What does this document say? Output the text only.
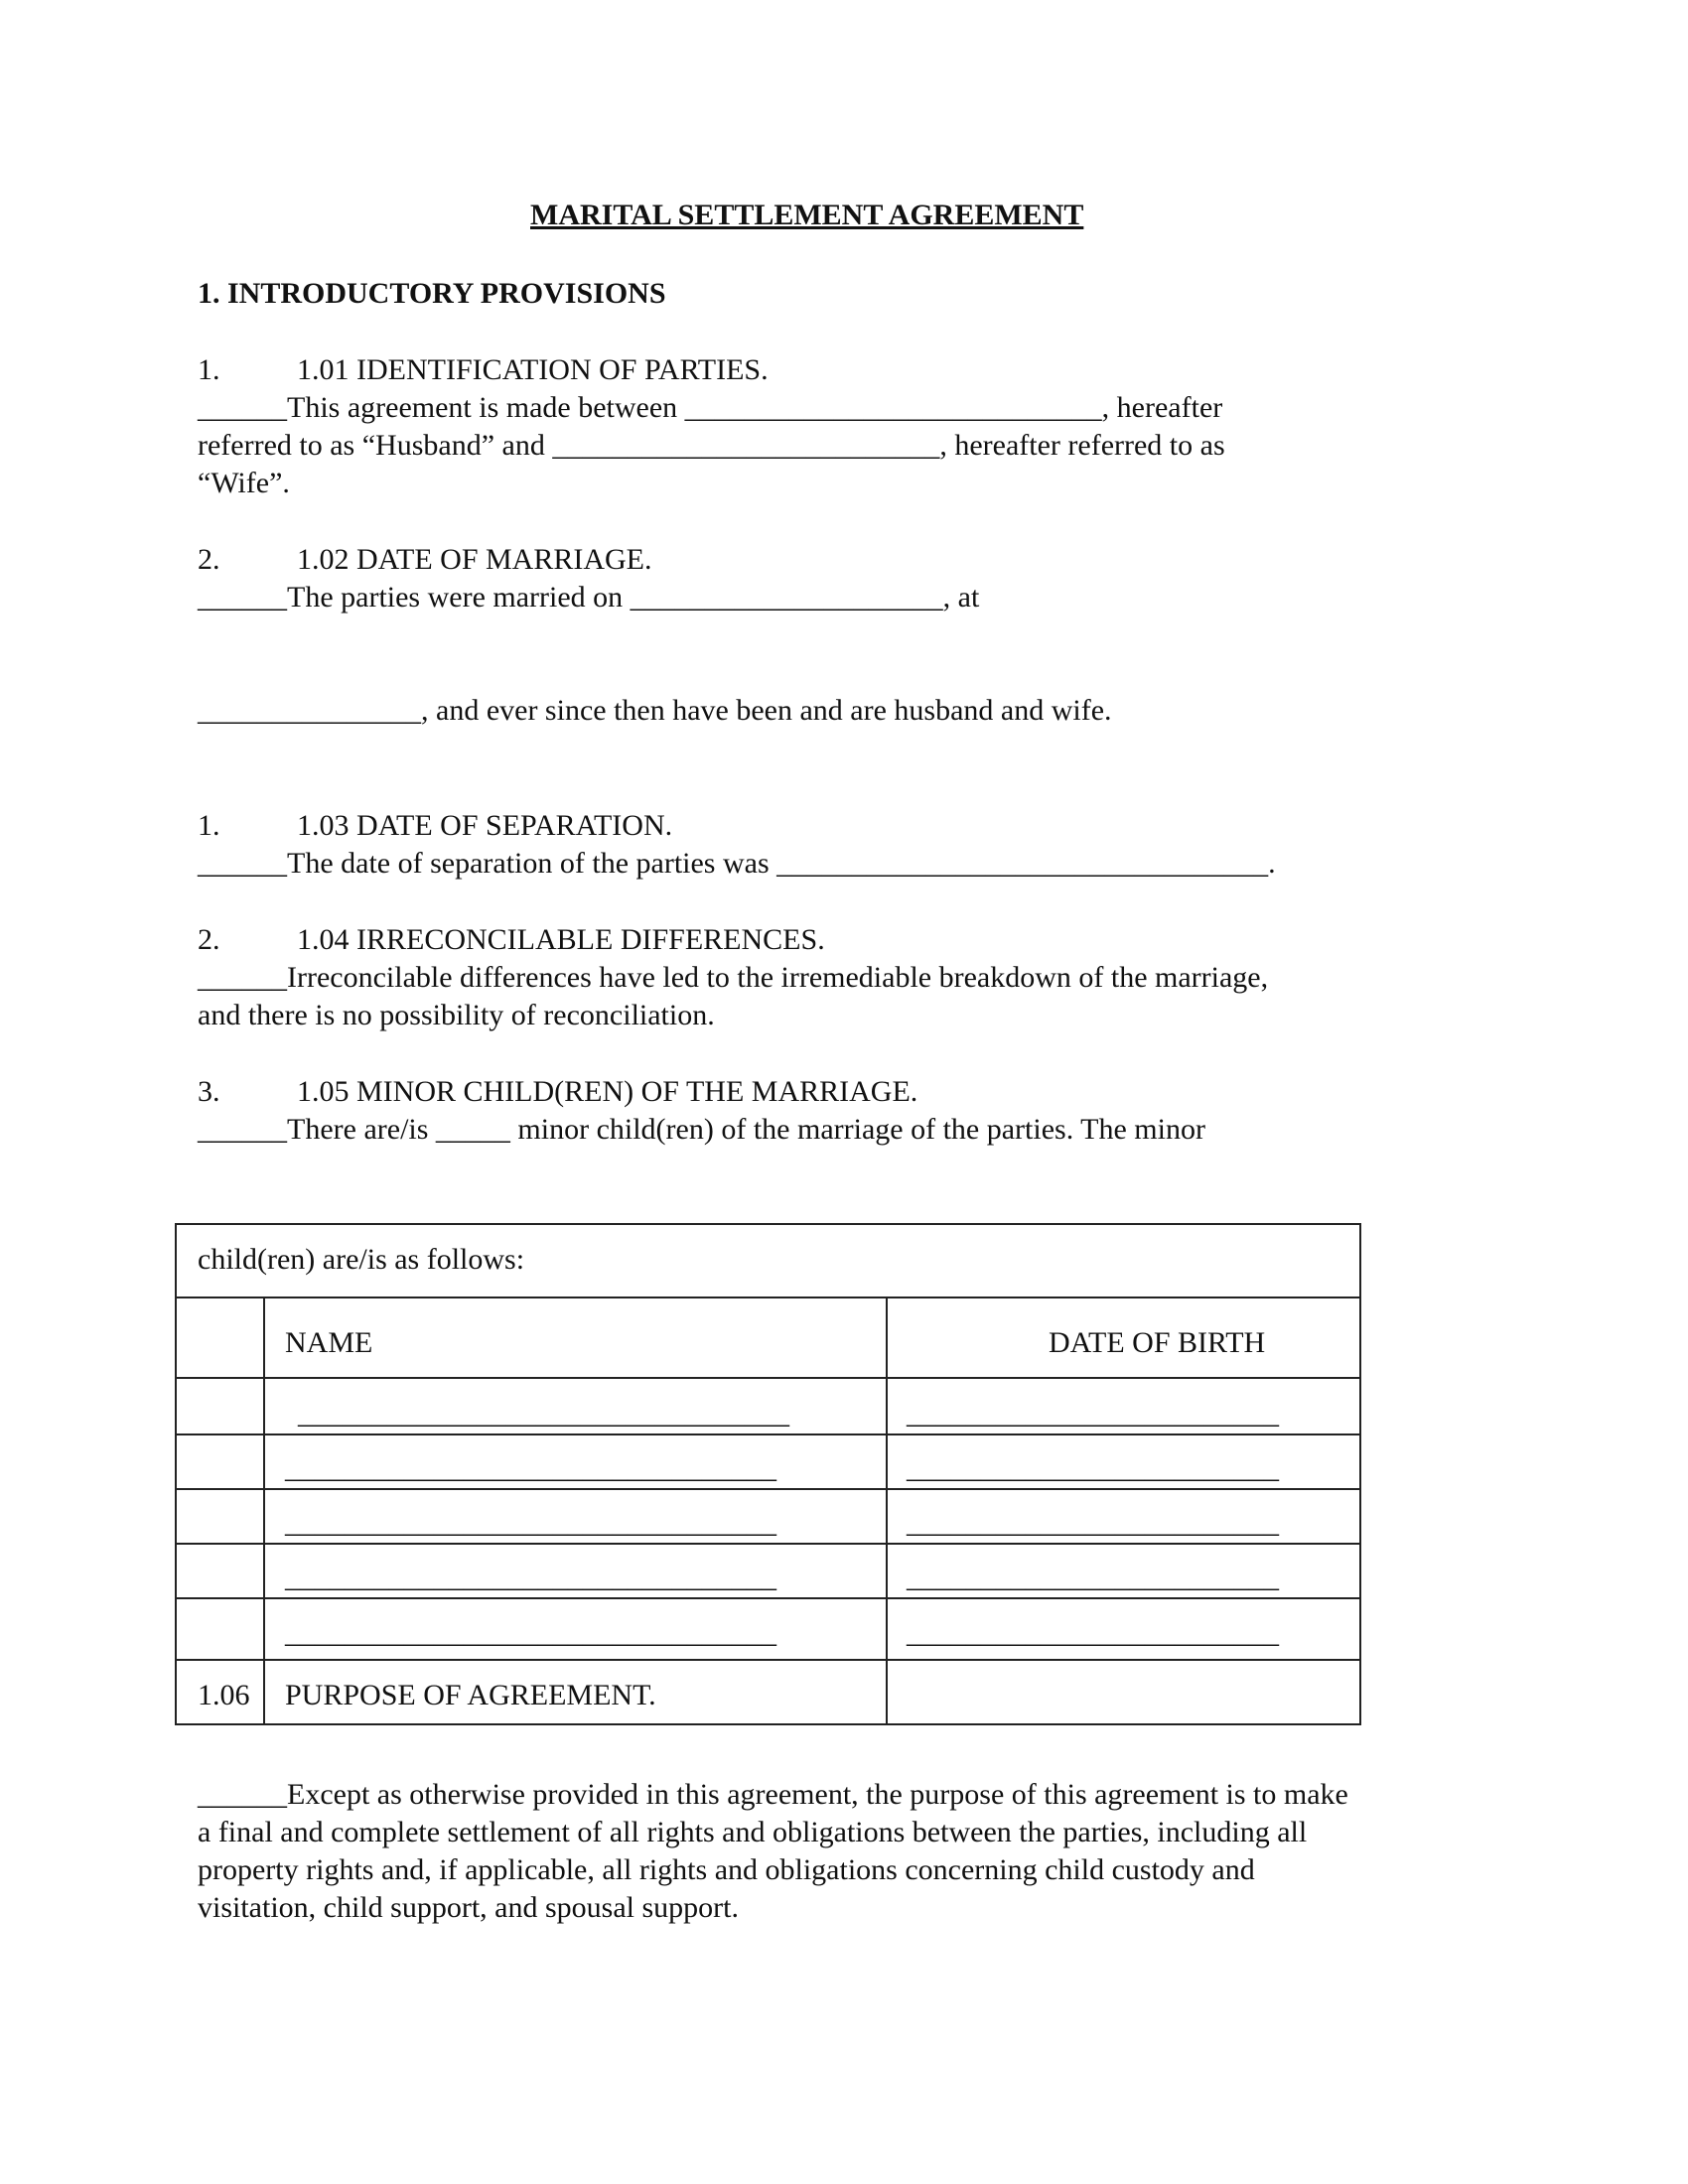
MARITAL SETTLEMENT AGREEMENT
1. INTRODUCTORY PROVISIONS
1.	1.01 IDENTIFICATION OF PARTIES.
______This agreement is made between ____________________________, hereafter
referred to as “Husband” and __________________________, hereafter referred to as
“Wife”.
2.	1.02 DATE OF MARRIAGE.
______The parties were married on _____________________, at
_______________, and ever since then have been and are husband and wife.
1.	1.03 DATE OF SEPARATION.
______The date of separation of the parties was _________________________________.
2.	1.04 IRRECONCILABLE DIFFERENCES.
______Irreconcilable differences have led to the irremediable breakdown of the marriage,
and there is no possibility of reconciliation.
3.	1.05 MINOR CHILD(REN) OF THE MARRIAGE.
______There are/is _____ minor child(ren) of the marriage of the parties. The minor
child(ren) are/is as follows:
NAME	DATE OF BIRTH
_________________________________	_________________________
_________________________________	_________________________
_________________________________	_________________________
_________________________________	_________________________
_________________________________	_________________________
1.06 PURPOSE OF AGREEMENT.
______Except as otherwise provided in this agreement, the purpose of this agreement is to make
a final and complete settlement of all rights and obligations between the parties, including all
property rights and, if applicable, all rights and obligations concerning child custody and
visitation, child support, and spousal support.
